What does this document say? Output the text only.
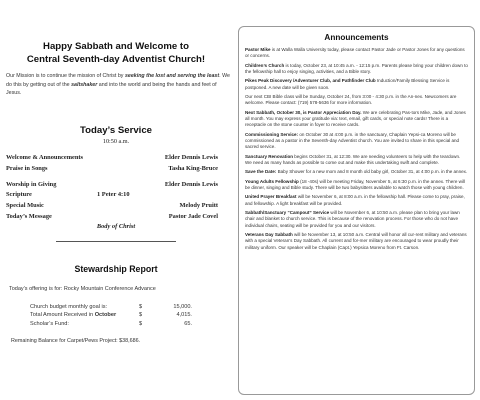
Happy Sabbath and Welcome to
Central Seventh-day Adventist Church!
Our Mission is to continue the mission of Christ by seeking the lost and serving the least. We do this by getting out of the saltshaker and into the world and being the hands and feet of Jesus.
Today’s Service
10:50 a.m.
Welcome & Announcements	Elder Dennis Lewis
Praise in Songs	Tasha King-Bruce
Worship in Giving	Elder Dennis Lewis
Scripture	1 Peter 4:10
Special Music	Melody Pruitt
Today’s Message	Pastor Jade Covel
Body of Christ
Stewardship Report
Today’s offering is for: Rocky Mountain Conference Advance
Church budget monthly goal is:	$	15,000.
Total Amount Received in October	$	4,015.
Scholar’s Fund:	$	65.
Remaining Balance for Carpet/Pews Project: $38,686.
Announcements
Pastor Mike is at Walla Walla University today, please contact Pastor Jade or Pastor Jones for any questions or concerns.
Children’s Church is today, October 23, at 10:45 a.m. - 12:15 p.m. Parents please bring your children down to the fellowship hall to enjoy singing, activities, and a Bible story.
Pikes Peak Discovery /Adventurer Club, and Pathfinder Club Induction/Family Blessing Service is postponed. A new date will be given soon.
Our next CBI Bible class will be Sunday, October 24, from 3:00 - 4:30 p.m. in the An-nex. Newcomers are welcome. Please contact: (719) 578-5636 for more information.
Next Sabbath, October 30, is Pastor Appreciation Day. We are celebrating Pas-tors Mike, Jade, and Jones all month. You may express your gratitude via: text, email, gift cards, or special note cards! There is a receptacle on the stone counter in foyer to receive cards.
Commissioning Service: on October 30 at 4:00 p.m. in the sanctuary, Chaplain Yepsi-ca Moreno will be commissioned as a pastor in the Seventh-day Adventist church. You are invited to share in this special and sacred service.
Sanctuary Renovation begins October 31, at 12:30. We are needing volunteers to help with the teardown. We need as many hands as possible to come out and make this undertaking swift and complete.
Save the Date: Baby Shower for a new mom and 8 month old baby girl, October 31, at 4:00 p.m. in the annex.
Young Adults Fellowship (18 -40s) will be meeting Friday, November 5, at 6:30 p.m. in the annex. There will be dinner, singing and Bible study. There will be two babysitters available to watch those with young children.
United Prayer Breakfast will be November 6, at 8:00 a.m. in the fellowship hall. Please come to pray, praise, and fellowship. A light breakfast will be provided.
Sabbath/Sanctuary “Campout” Service will be November 6, at 10:50 a.m. please plan to bring your lawn chair and blanket to church service. This is because of the renovation process. For those who do not have individual chairs, seating will be provided for you and our visitors.
Veterans Day Sabbath will be November 13, at 10:50 a.m. Central will honor all cur-rent military and veterans with a special Veteran’s Day Sabbath. All current and for-mer military are encouraged to wear proudly their military uniform. Our speaker will be Chaplain (Capt.) Yepsica Moreno from Ft. Carson.
